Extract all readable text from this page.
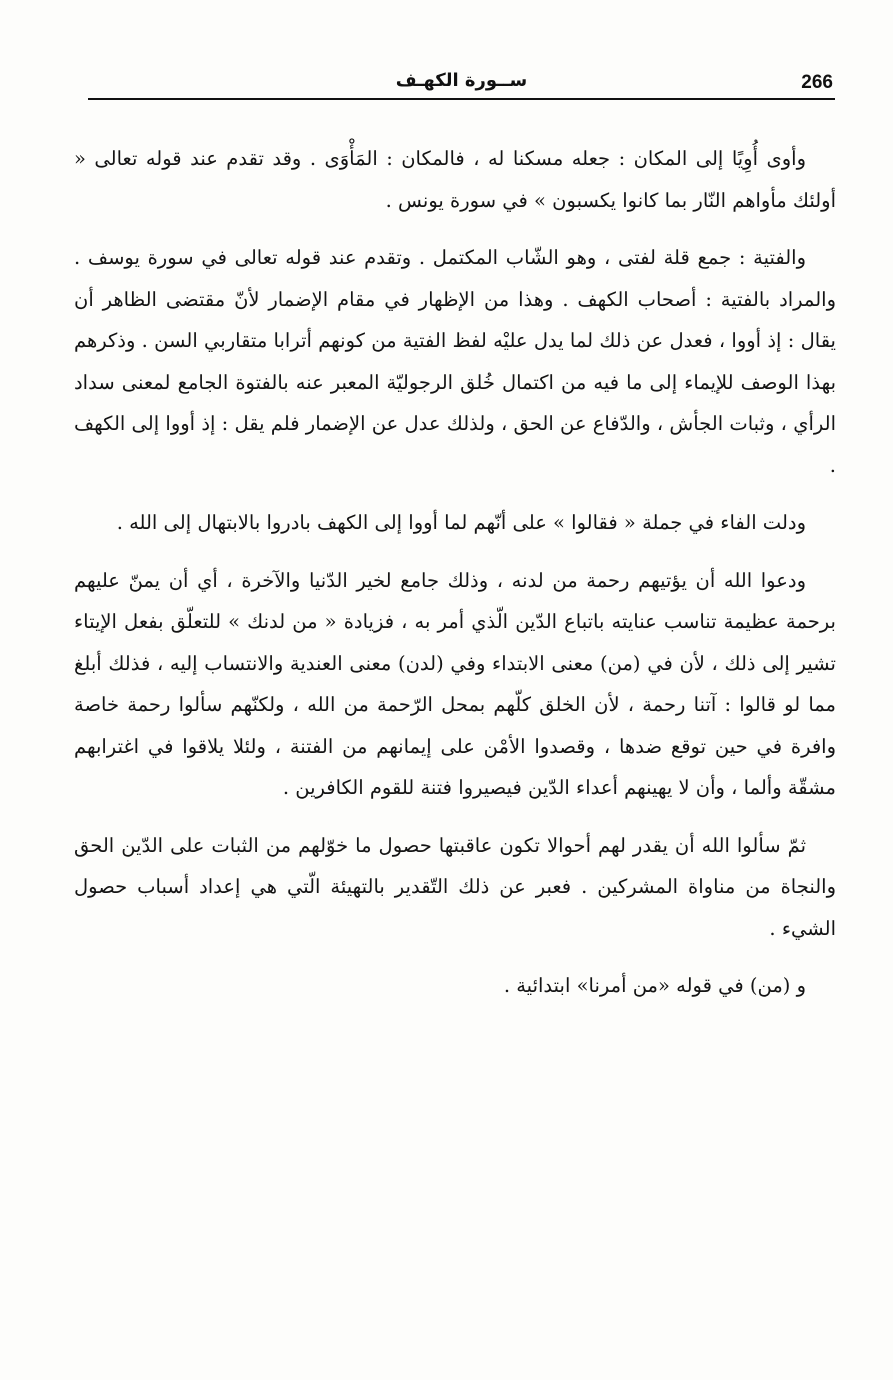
266
ســورة الكهـف

وأوى أُوِيًا إلى المكان : جعله مسكنا له ، فالمكان : المَأْوَى . وقد تقدم عند قوله تعالى « أولئك مأواهم النّار بما كانوا يكسبون » في سورة يونس .

والفتية : جمع قلة لفتى ، وهو الشّاب المكتمل . وتقدم عند قوله تعالى في سورة يوسف . والمراد بالفتية : أصحاب الكهف . وهذا من الإظهار في مقام الإضمار لأنّ مقتضى الظاهر أن يقال : إذ أووا ، فعدل عن ذلك لما يدل عليْه لفظ الفتية من كونهم أترابا متقاربي السن . وذكرهم بهذا الوصف للإيماء إلى ما فيه من اكتمال خُلق الرجوليّة المعبر عنه بالفتوة الجامع لمعنى سداد الرأي ، وثبات الجأش ، والدّفاع عن الحق ، ولذلك عدل عن الإضمار فلم يقل : إذ أووا إلى الكهف .

ودلت الفاء في جملة « فقالوا » على أنّهم لما أووا إلى الكهف بادروا بالابتهال إلى الله .

ودعوا الله أن يؤتيهم رحمة من لدنه ، وذلك جامع لخير الدّنيا والآخرة ، أي أن يمنّ عليهم برحمة عظيمة تناسب عنايته باتباع الدّين الّذي أمر به ، فزيادة « من لدنك » للتعلّق بفعل الإيتاء تشير إلى ذلك ، لأن في (من) معنى الابتداء وفي (لدن) معنى العندية والانتساب إليه ، فذلك أبلغ مما لو قالوا : آتنا رحمة ، لأن الخلق كلّهم بمحل الرّحمة من الله ، ولكنّهم سألوا رحمة خاصة وافرة في حين توقع ضدها ، وقصدوا الأمْن على إيمانهم من الفتنة ، ولئلا يلاقوا في اغترابهم مشقّة وألما ، وأن لا يهينهم أعداء الدّين فيصيروا فتنة للقوم الكافرين .

ثمّ سألوا الله أن يقدر لهم أحوالا تكون عاقبتها حصول ما خوّلهم من الثبات على الدّين الحق والنجاة من مناواة المشركين . فعبر عن ذلك التّقدير بالتهيئة الّتي هي إعداد أسباب حصول الشيء .

و (من) في قوله «من أمرنا» ابتدائية .
